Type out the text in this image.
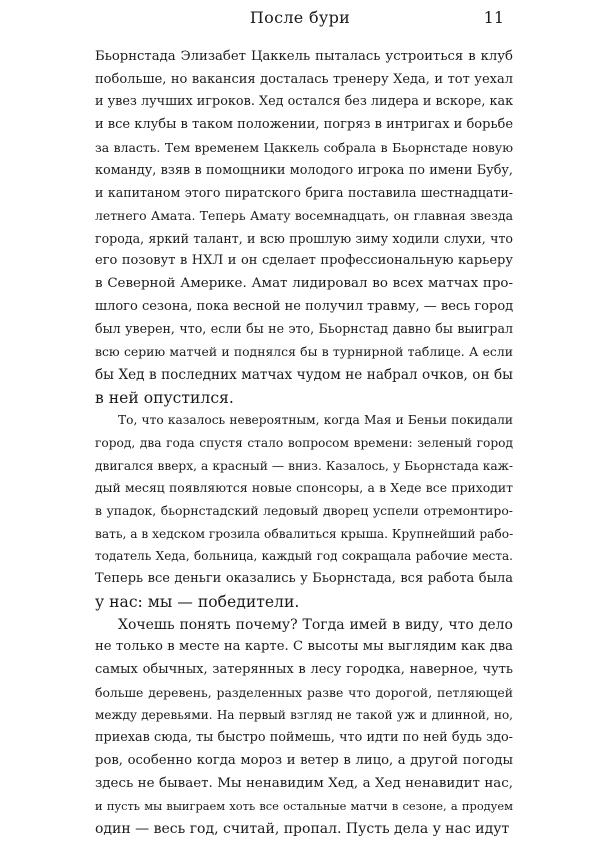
После бури	11
Бьорнстада Элизабет Цаккель пыталась устроиться в клуб
побольше, но вакансия досталась тренеру Хеда, и тот уехал
и увез лучших игроков. Хед остался без лидера и вскоре, как
и все клубы в таком положении, погряз в интригах и борьбе
за власть. Тем временем Цаккель собрала в Бьорнстаде новую
команду, взяв в помощники молодого игрока по имени Бубу,
и капитаном этого пиратского брига поставила шестнадцати-
летнего Амата. Теперь Амату восемнадцать, он главная звезда
города, яркий талант, и всю прошлую зиму ходили слухи, что
его позовут в НХЛ и он сделает профессиональную карьеру
в Северной Америке. Амат лидировал во всех матчах про-
шлого сезона, пока весной не получил травму, — весь город
был уверен, что, если бы не это, Бьорнстад давно бы выиграл
всю серию матчей и поднялся бы в турнирной таблице. А если
бы Хед в последних матчах чудом не набрал очков, он бы
в ней опустился.
То, что казалось невероятным, когда Мая и Беньи покидали
город, два года спустя стало вопросом времени: зеленый город
двигался вверх, а красный — вниз. Казалось, у Бьорнстада каж-
дый месяц появляются новые спонсоры, а в Хеде все приходит
в упадок, бьорнстадский ледовый дворец успели отремонтиро-
вать, а в хедском грозила обвалиться крыша. Крупнейший рабо-
тодатель Хеда, больница, каждый год сокращала рабочие места.
Теперь все деньги оказались у Бьорнстада, вся работа была
у нас: мы — победители.
Хочешь понять почему? Тогда имей в виду, что дело
не только в месте на карте. С высоты мы выглядим как два
самых обычных, затерянных в лесу городка, наверное, чуть
больше деревень, разделенных разве что дорогой, петляющей
между деревьями. На первый взгляд не такой уж и длинной, но,
приехав сюда, ты быстро поймешь, что идти по ней будь здо-
ров, особенно когда мороз и ветер в лицо, а другой погоды
здесь не бывает. Мы ненавидим Хед, а Хед ненавидит нас,
и пусть мы выиграем хоть все остальные матчи в сезоне, а продуем
один — весь год, считай, пропал. Пусть дела у нас идут
